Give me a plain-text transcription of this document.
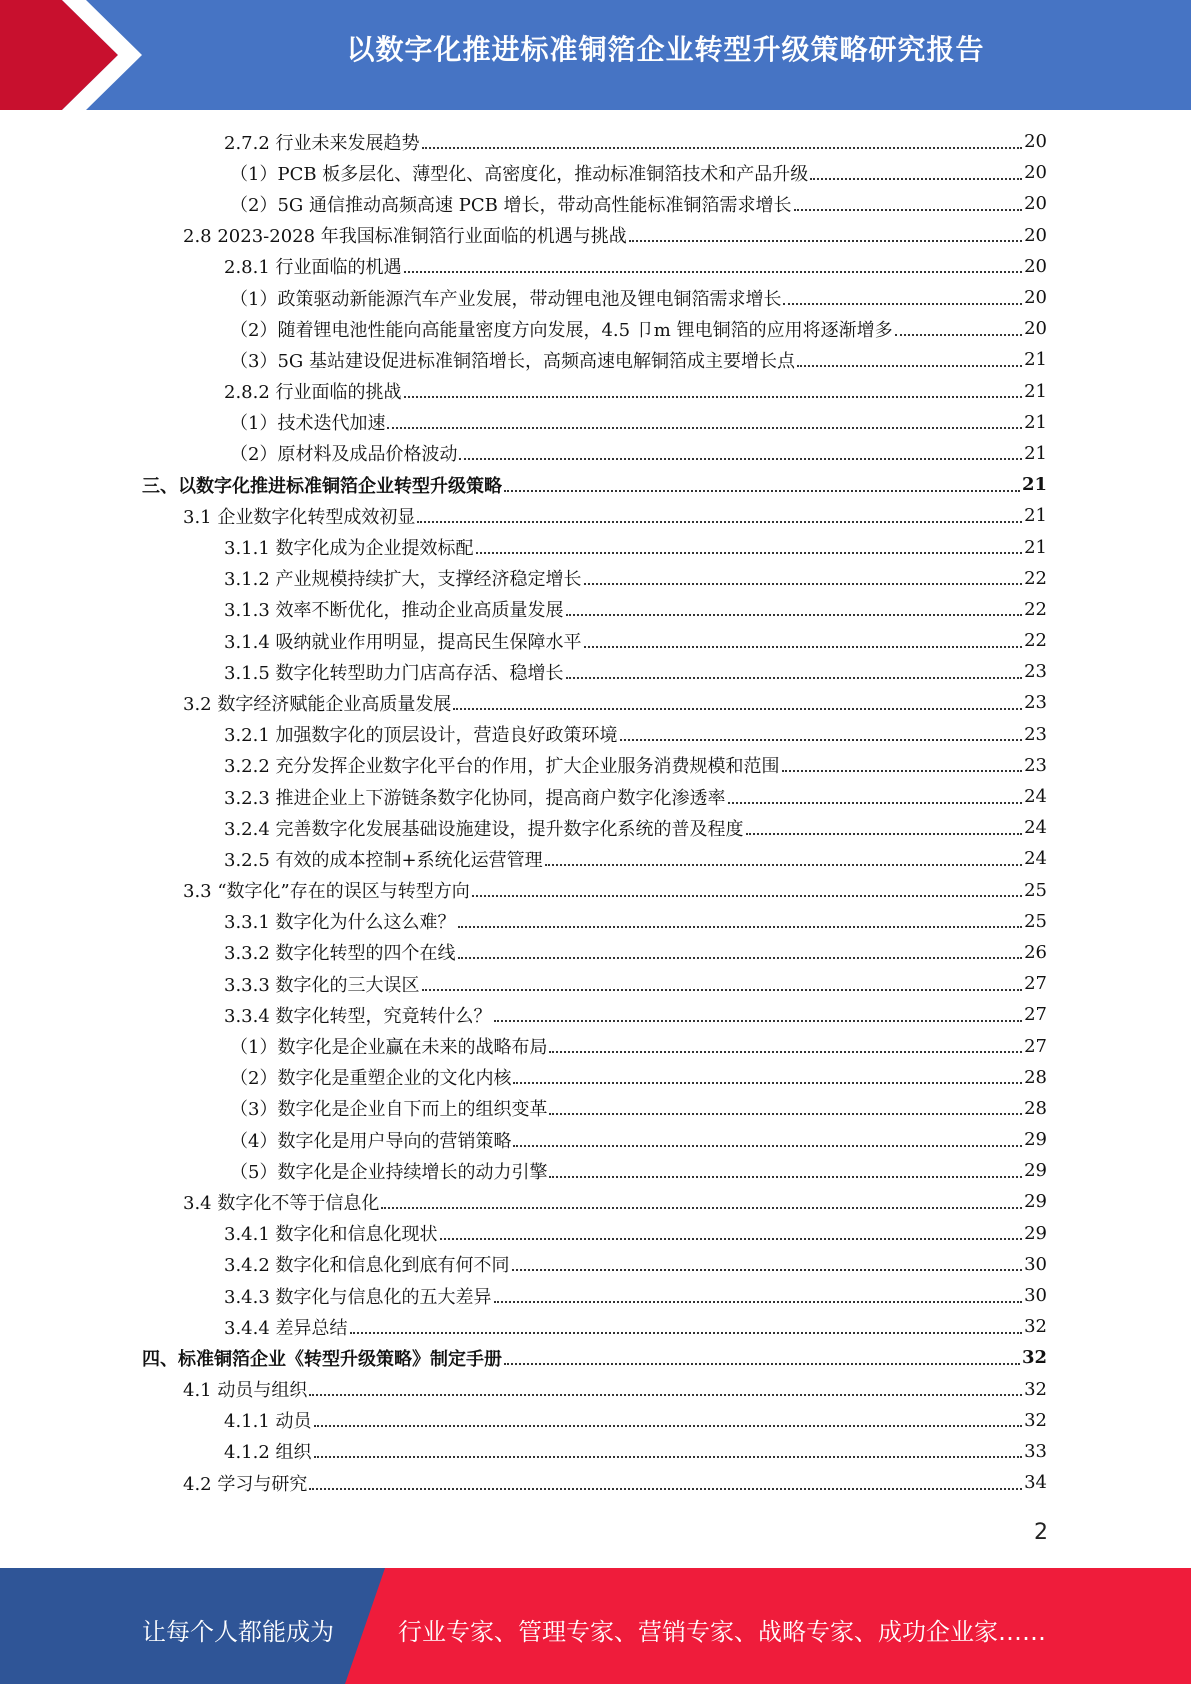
以数字化推进标准铜箔企业转型升级策略研究报告
2.7.2 行业未来发展趋势	20
（1）PCB 板多层化、薄型化、高密度化，推动标准铜箔技术和产品升级	20
（2）5G 通信推动高频高速 PCB 增长，带动高性能标准铜箔需求增长	20
2.8 2023-2028 年我国标准铜箔行业面临的机遇与挑战	20
2.8.1 行业面临的机遇	20
（1）政策驱动新能源汽车产业发展，带动锂电池及锂电铜箔需求增长	20
（2）随着锂电池性能向高能量密度方向发展，4.5 卩m 锂电铜箔的应用将逐渐增多	20
（3）5G 基站建设促进标准铜箔增长，高频高速电解铜箔成主要增长点	21
2.8.2 行业面临的挑战	21
（1）技术迭代加速	21
（2）原材料及成品价格波动	21
三、以数字化推进标准铜箔企业转型升级策略	21
3.1 企业数字化转型成效初显	21
3.1.1 数字化成为企业提效标配	21
3.1.2 产业规模持续扩大，支撑经济稳定增长	22
3.1.3 效率不断优化，推动企业高质量发展	22
3.1.4 吸纳就业作用明显，提高民生保障水平	22
3.1.5 数字化转型助力门店高存活、稳增长	23
3.2 数字经济赋能企业高质量发展	23
3.2.1 加强数字化的顶层设计，营造良好政策环境	23
3.2.2 充分发挥企业数字化平台的作用，扩大企业服务消费规模和范围	23
3.2.3 推进企业上下游链条数字化协同，提高商户数字化渗透率	24
3.2.4 完善数字化发展基础设施建设，提升数字化系统的普及程度	24
3.2.5 有效的成本控制+系统化运营管理	24
3.3 “数字化”存在的误区与转型方向	25
3.3.1 数字化为什么这么难？	25
3.3.2 数字化转型的四个在线	26
3.3.3 数字化的三大误区	27
3.3.4 数字化转型，究竟转什么？	27
（1）数字化是企业赢在未来的战略布局	27
（2）数字化是重塑企业的文化内核	28
（3）数字化是企业自下而上的组织变革	28
（4）数字化是用户导向的营销策略	29
（5）数字化是企业持续增长的动力引擎	29
3.4 数字化不等于信息化	29
3.4.1 数字化和信息化现状	29
3.4.2 数字化和信息化到底有何不同	30
3.4.3 数字化与信息化的五大差异	30
3.4.4 差异总结	32
四、标准铜箔企业《转型升级策略》制定手册	32
4.1 动员与组织	32
4.1.1 动员	32
4.1.2 组织	33
4.2 学习与研究	34
2
让每个人都能成为	行业专家、管理专家、营销专家、战略专家、成功企业家……
